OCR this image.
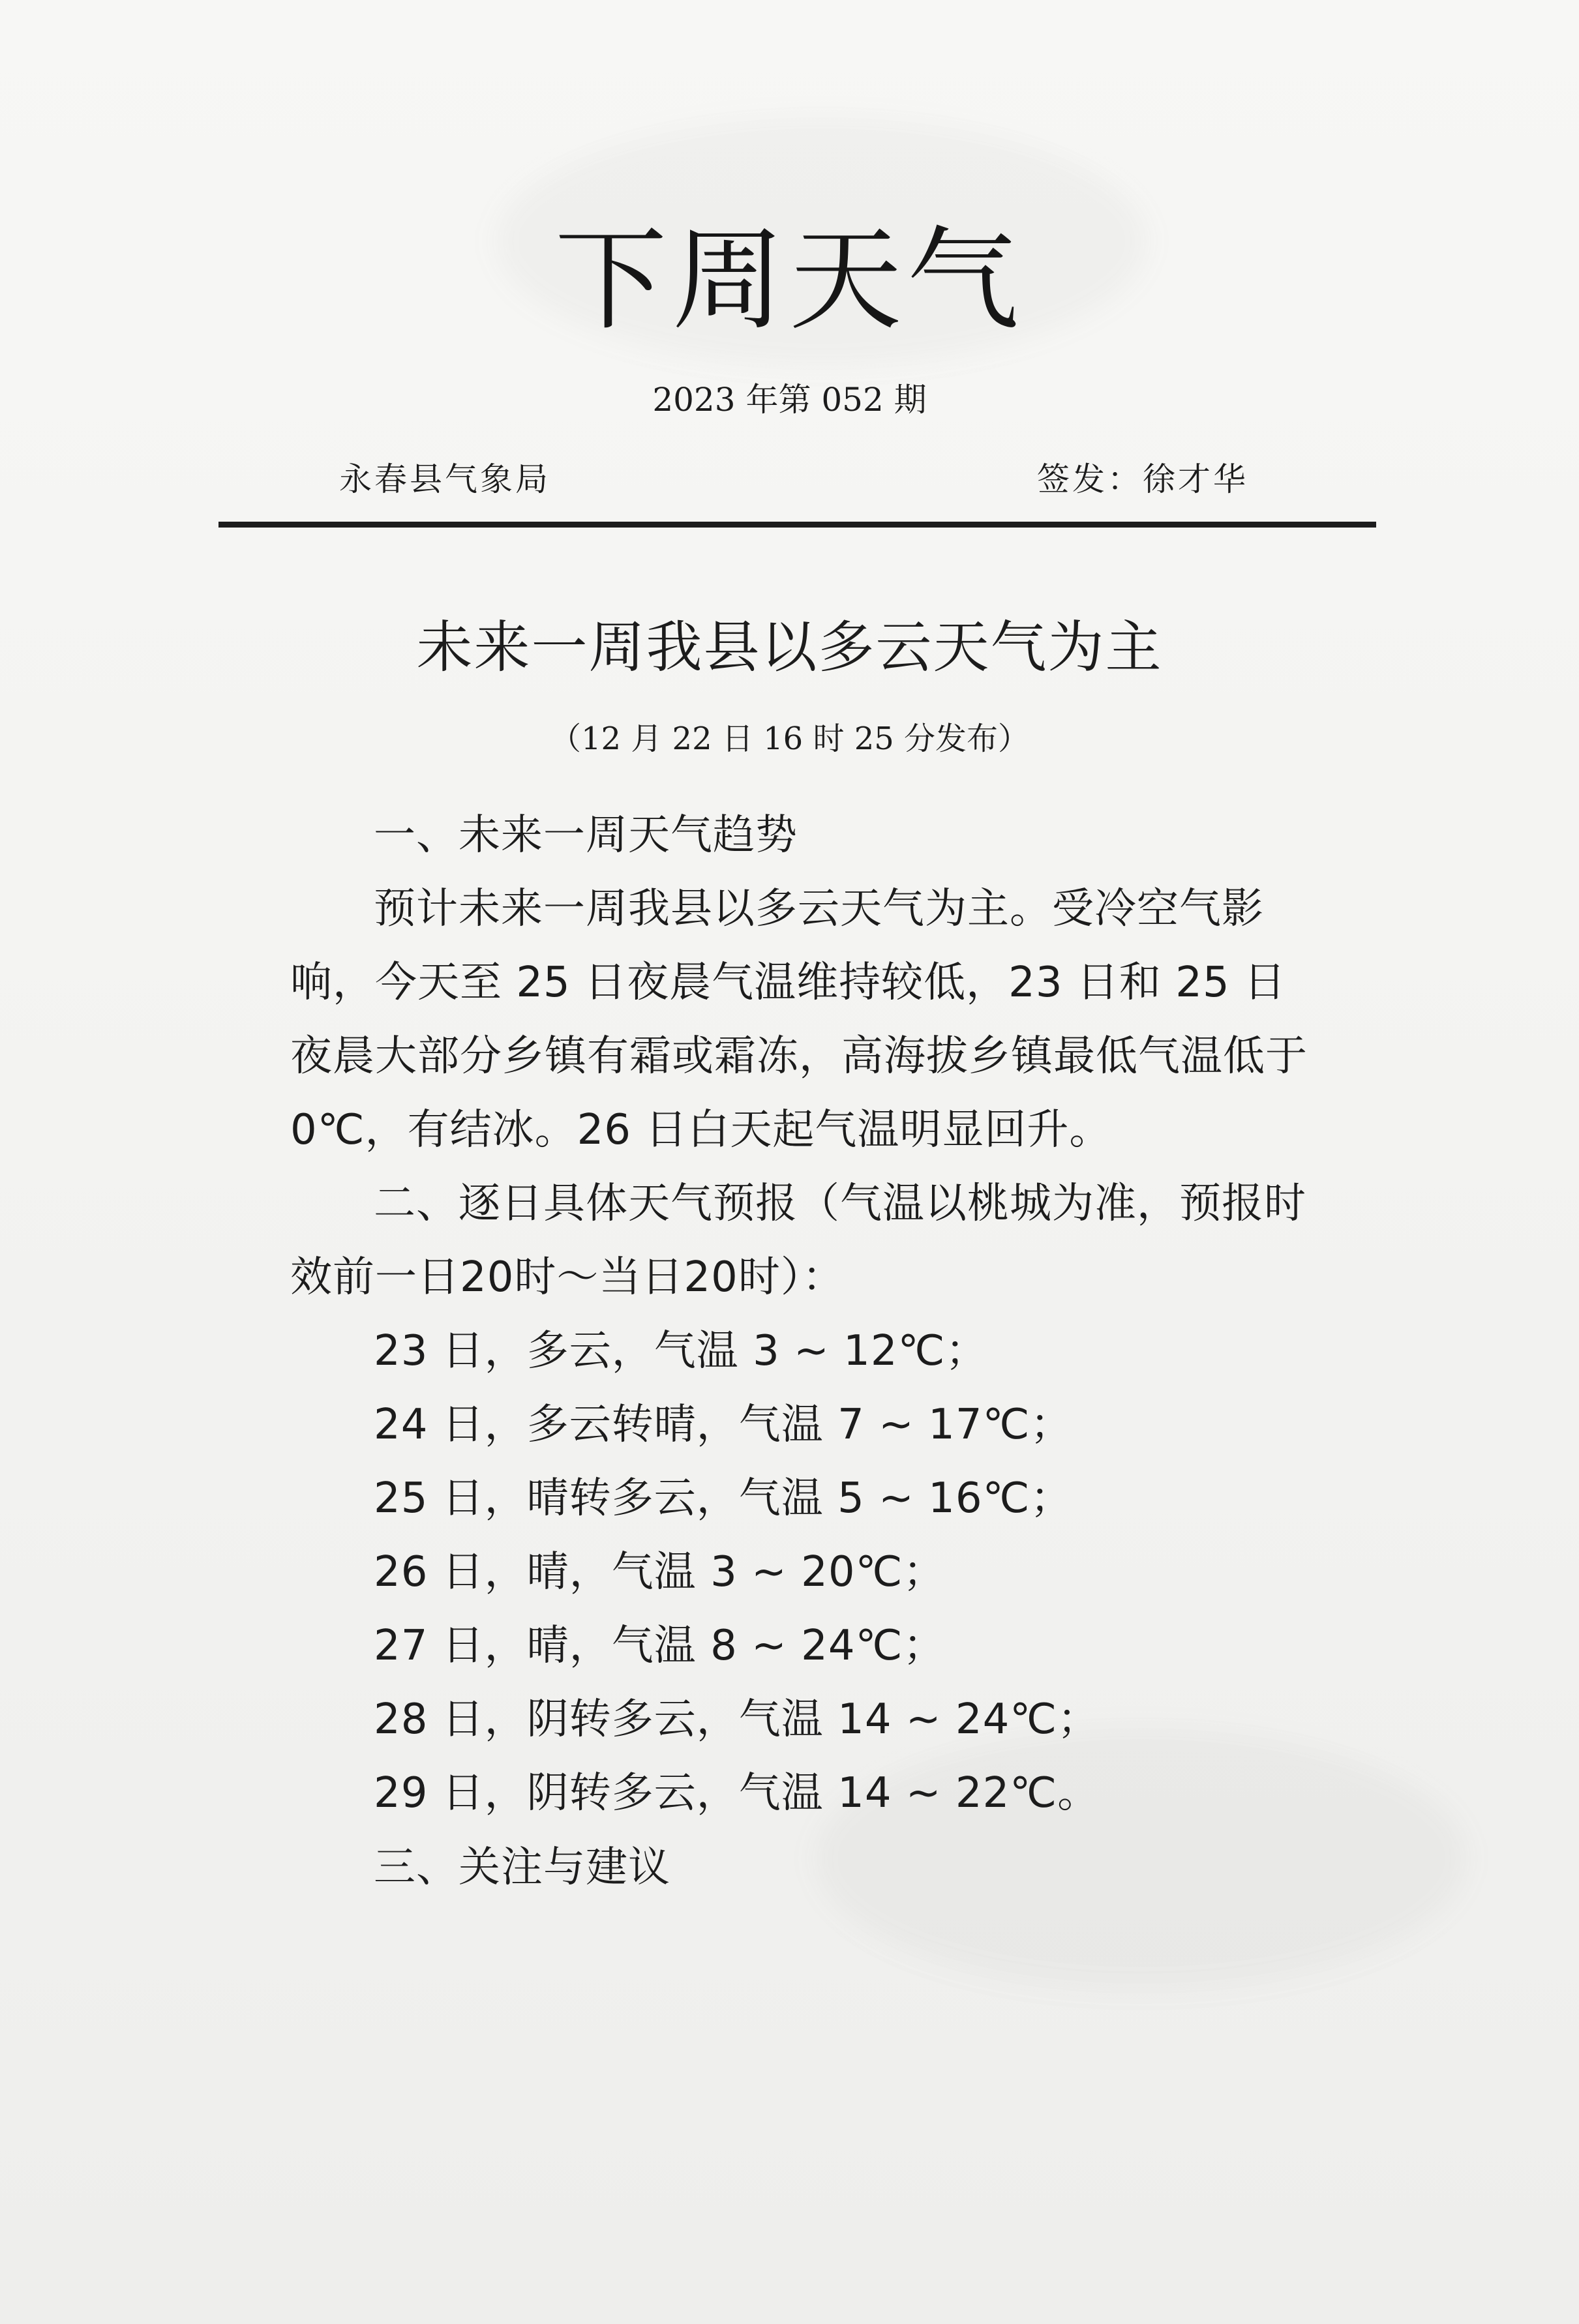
下周天气
2023 年第 052 期
永春县气象局	签发：徐才华
未来一周我县以多云天气为主
（12 月 22 日 16 时 25 分发布）

一、未来一周天气趋势

预计未来一周我县以多云天气为主。受冷空气影响，今天至 25 日夜晨气温维持较低，23 日和 25 日夜晨大部分乡镇有霜或霜冻，高海拔乡镇最低气温低于 0℃，有结冰。26 日白天起气温明显回升。

二、逐日具体天气预报（气温以桃城为准，预报时效前一日20时～当日20时）：

23 日，多云，气温 3 ~ 12℃；

24 日，多云转晴，气温 7 ~ 17℃；

25 日，晴转多云，气温 5 ~ 16℃；

26 日，晴，气温 3 ~ 20℃；

27 日，晴，气温 8 ~ 24℃；

28 日，阴转多云，气温 14 ~ 24℃；

29 日，阴转多云，气温 14 ~ 22℃。

三、关注与建议
